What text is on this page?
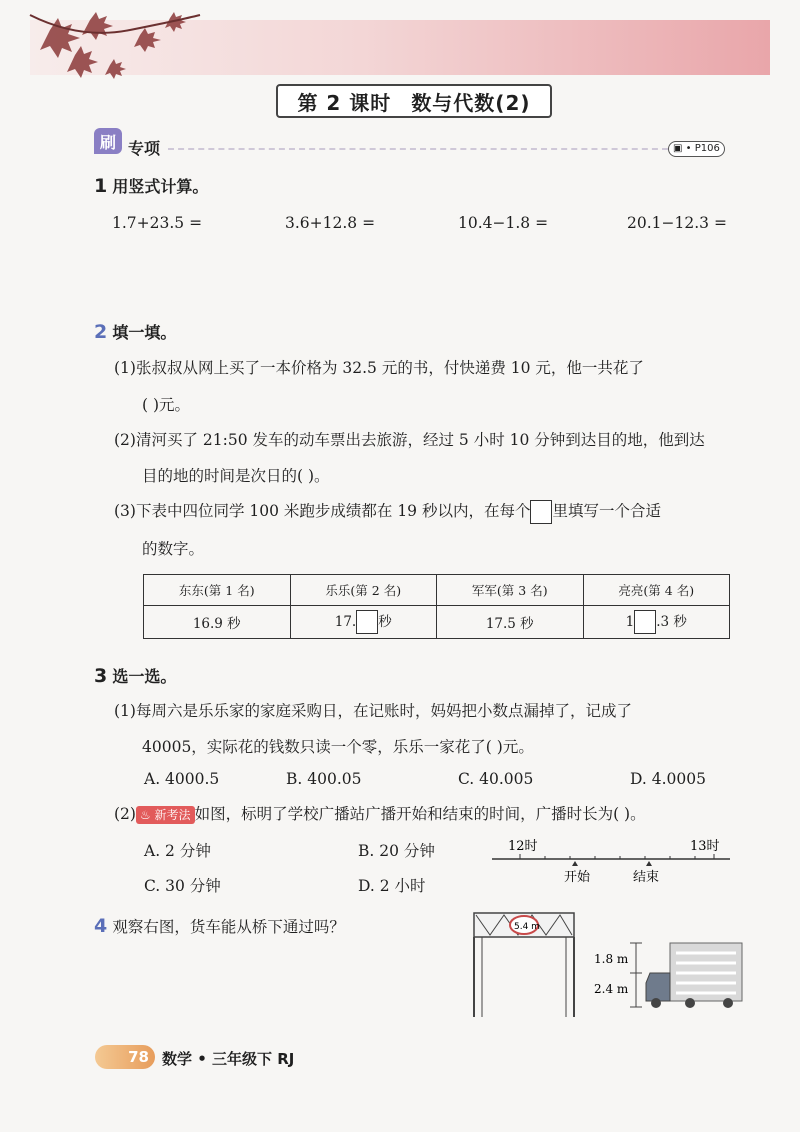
第 2 课时 数与代数(2)
刷 专项	▣ • P106
1 用竖式计算。
1.7+23.5 =	3.6+12.8 =	10.4−1.8 =	20.1−12.3 =
2 填一填。
(1)张叔叔从网上买了一本价格为 32.5 元的书，付快递费 10 元，他一共花了
( )元。
(2)清河买了 21:50 发车的动车票出去旅游，经过 5 小时 10 分钟到达目的地，他到达
目的地的时间是次日的( )。
(3)下表中四位同学 100 米跑步成绩都在 19 秒以内，在每个 里填写一个合适
的数字。
东东(第 1 名)	乐乐(第 2 名)	军军(第 3 名)	亮亮(第 4 名)
16.9 秒	17. 秒	17.5 秒	1 .3 秒
3 选一选。
(1)每周六是乐乐家的家庭采购日，在记账时，妈妈把小数点漏掉了，记成了
40005，实际花的钱数只读一个零，乐乐一家花了( )元。
A. 4000.5	B. 400.05	C. 40.005	D. 4.0005
(2) ♨ 新考法 如图，标明了学校广播站广播开始和结束的时间，广播时长为( )。
A. 2 分钟	B. 20 分钟
C. 30 分钟	D. 2 小时
12时	13时
开始	结束
4 观察右图，货车能从桥下通过吗？	5.4 m
1.8 m
2.4 m
78 数学 • 三年级下 RJ
